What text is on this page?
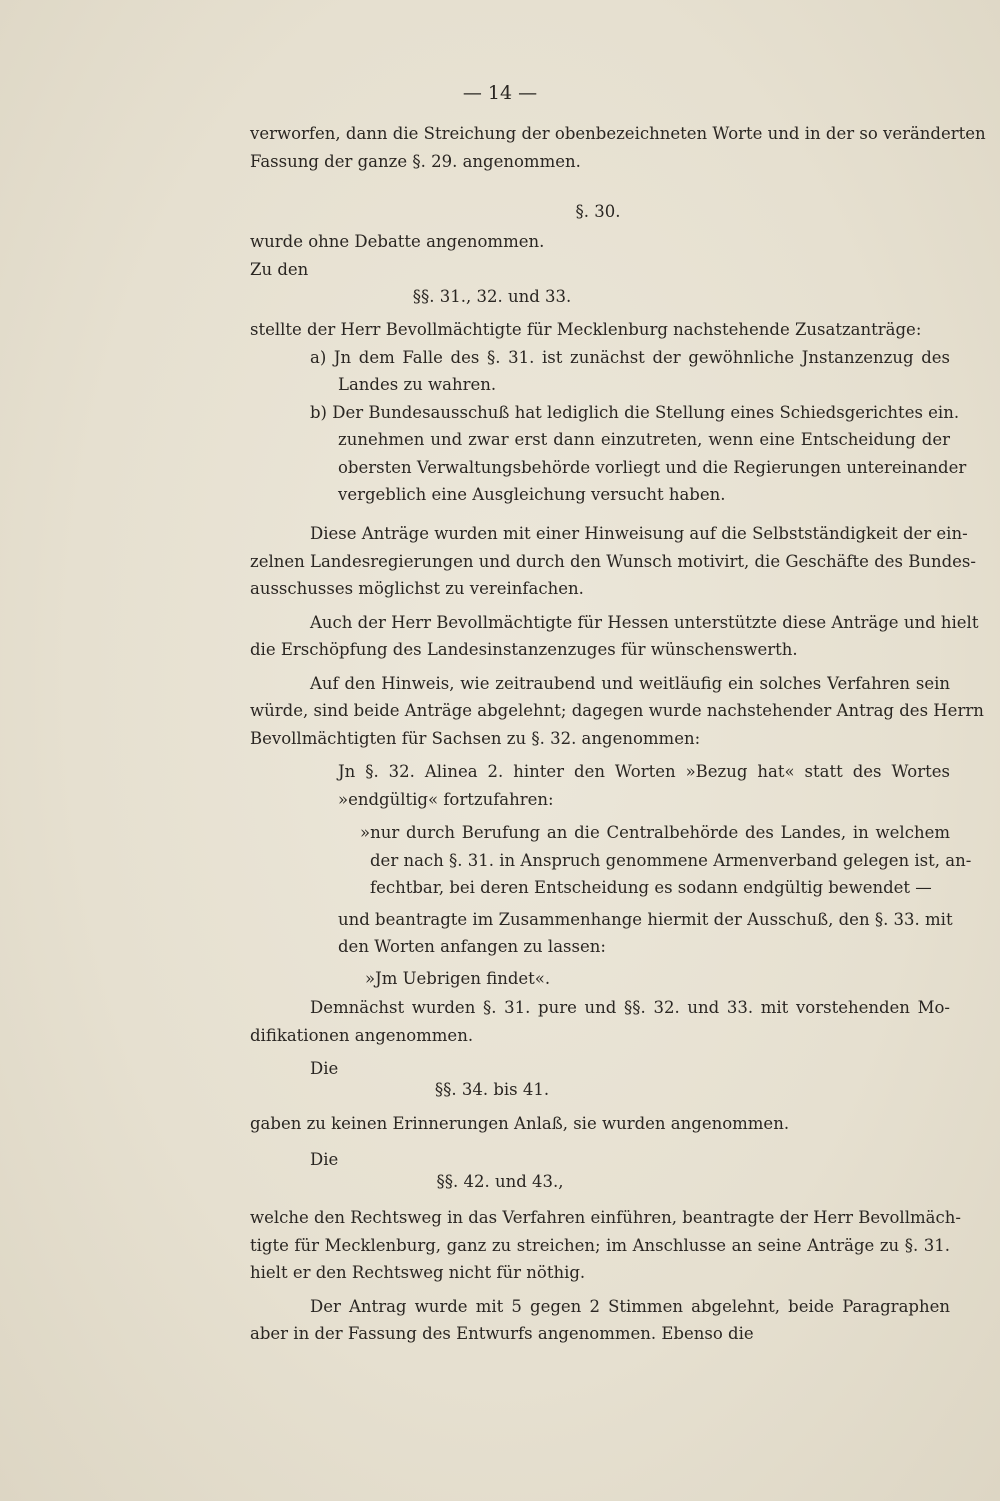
— 14 —
verworfen, dann die Streichung der obenbezeichneten Worte und in der so veränderten
Fassung der ganze §. 29. angenommen.
§. 30.
wurde ohne Debatte angenommen.
Zu den
§§. 31., 32. und 33.
stellte der Herr Bevollmächtigte für Mecklenburg nachstehende Zusatzanträge:
a) Jn dem Falle des §. 31. ist zunächst der gewöhnliche Jnstanzenzug des
Landes zu wahren.
b) Der Bundesausschuß hat lediglich die Stellung eines Schiedsgerichtes ein.
zunehmen und zwar erst dann einzutreten, wenn eine Entscheidung der
obersten Verwaltungsbehörde vorliegt und die Regierungen untereinander
vergeblich eine Ausgleichung versucht haben.
Diese Anträge wurden mit einer Hinweisung auf die Selbstständigkeit der ein-
zelnen Landesregierungen und durch den Wunsch motivirt, die Geschäfte des Bundes-
ausschusses möglichst zu vereinfachen.
Auch der Herr Bevollmächtigte für Hessen unterstützte diese Anträge und hielt
die Erschöpfung des Landesinstanzenzuges für wünschenswerth.
Auf den Hinweis, wie zeitraubend und weitläufig ein solches Verfahren sein
würde, sind beide Anträge abgelehnt; dagegen wurde nachstehender Antrag des Herrn
Bevollmächtigten für Sachsen zu §. 32. angenommen:
Jn §. 32. Alinea 2. hinter den Worten »Bezug hat« statt des Wortes
»endgültig« fortzufahren:
»nur durch Berufung an die Centralbehörde des Landes, in welchem
der nach §. 31. in Anspruch genommene Armenverband gelegen ist, an-
fechtbar, bei deren Entscheidung es sodann endgültig bewendet —
und beantragte im Zusammenhange hiermit der Ausschuß, den §. 33. mit
den Worten anfangen zu lassen:
»Jm Uebrigen findet«.
Demnächst wurden §. 31. pure und §§. 32. und 33. mit vorstehenden Mo-
difikationen angenommen.
Die
§§. 34. bis 41.
gaben zu keinen Erinnerungen Anlaß, sie wurden angenommen.
Die
§§. 42. und 43.,
welche den Rechtsweg in das Verfahren einführen, beantragte der Herr Bevollmäch-
tigte für Mecklenburg, ganz zu streichen; im Anschlusse an seine Anträge zu §. 31.
hielt er den Rechtsweg nicht für nöthig.
Der Antrag wurde mit 5 gegen 2 Stimmen abgelehnt, beide Paragraphen
aber in der Fassung des Entwurfs angenommen. Ebenso die
